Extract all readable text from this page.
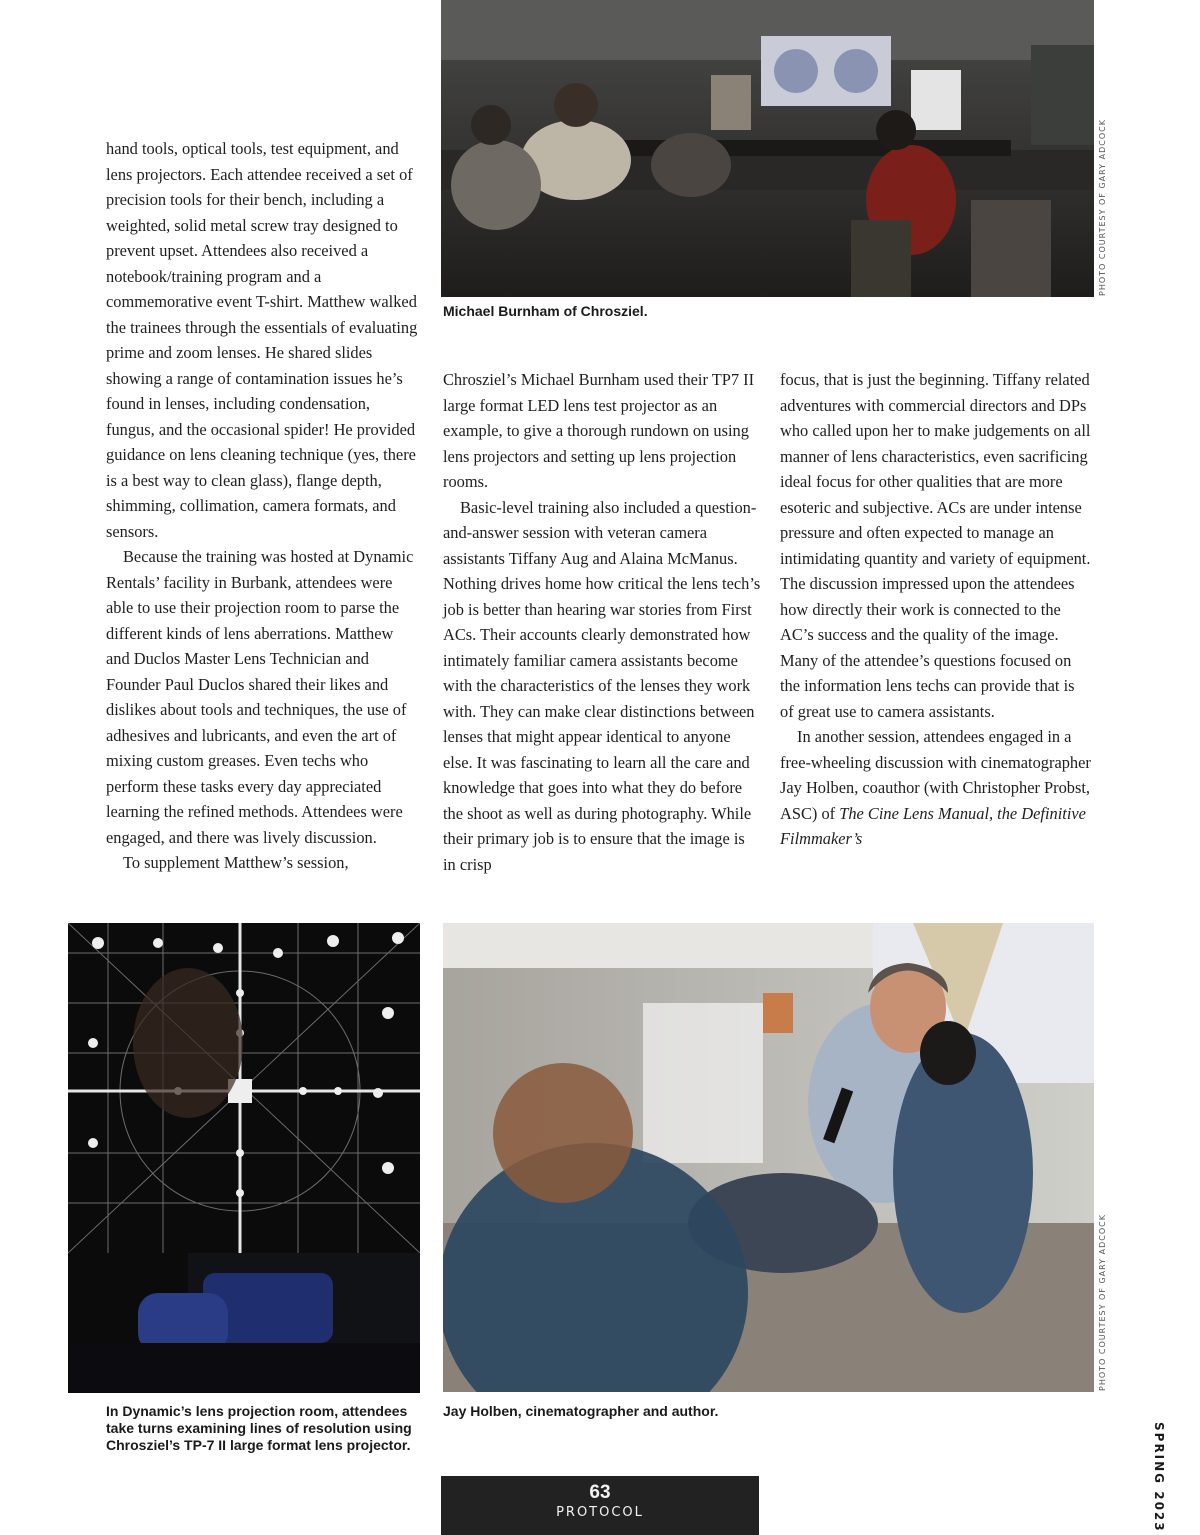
hand tools, optical tools, test equipment, and lens projectors. Each attendee received a set of precision tools for their bench, including a weighted, solid metal screw tray designed to prevent upset. Attendees also received a notebook/training program and a commemorative event T-shirt. Matthew walked the trainees through the essentials of evaluating prime and zoom lenses. He shared slides showing a range of contamination issues he’s found in lenses, including condensation, fungus, and the occasional spider! He provided guidance on lens cleaning technique (yes, there is a best way to clean glass), flange depth, shimming, collimation, camera formats, and sensors.

Because the training was hosted at Dynamic Rentals’ facility in Burbank, attendees were able to use their projection room to parse the different kinds of lens aberrations. Matthew and Duclos Master Lens Technician and Founder Paul Duclos shared their likes and dislikes about tools and techniques, the use of adhesives and lubricants, and even the art of mixing custom greases. Even techs who perform these tasks every day appreciated learning the refined methods. Attendees were engaged, and there was lively discussion.

To supplement Matthew’s session,

PHOTO COURTESY OF GARY ADCOCK
Michael Burnham of Chrosziel.

Chrosziel’s Michael Burnham used their TP7 II large format LED lens test projector as an example, to give a thorough rundown on using lens projectors and setting up lens projection rooms.

Basic-level training also included a question-and-answer session with veteran camera assistants Tiffany Aug and Alaina McManus. Nothing drives home how critical the lens tech’s job is better than hearing war stories from First ACs. Their accounts clearly demonstrated how intimately familiar camera assistants become with the characteristics of the lenses they work with. They can make clear distinctions between lenses that might appear identical to anyone else. It was fascinating to learn all the care and knowledge that goes into what they do before the shoot as well as during photography. While their primary job is to ensure that the image is in crisp

focus, that is just the beginning. Tiffany related adventures with commercial directors and DPs who called upon her to make judgements on all manner of lens characteristics, even sacrificing ideal focus for other qualities that are more esoteric and subjective. ACs are under intense pressure and often expected to manage an intimidating quantity and variety of equipment. The discussion impressed upon the attendees how directly their work is connected to the AC’s success and the quality of the image. Many of the attendee’s questions focused on the information lens techs can provide that is of great use to camera assistants.

In another session, attendees engaged in a free-wheeling discussion with cinematographer Jay Holben, coauthor (with Christopher Probst, ASC) of The Cine Lens Manual, the Definitive Filmmaker’s

In Dynamic’s lens projection room, attendees take turns examining lines of resolution using Chrosziel’s TP-7 II large format lens projector.
PHOTO COURTESY OF GARY ADCOCK
Jay Holben, cinematographer and author.
SPRING 2023
63
PROTOCOL
